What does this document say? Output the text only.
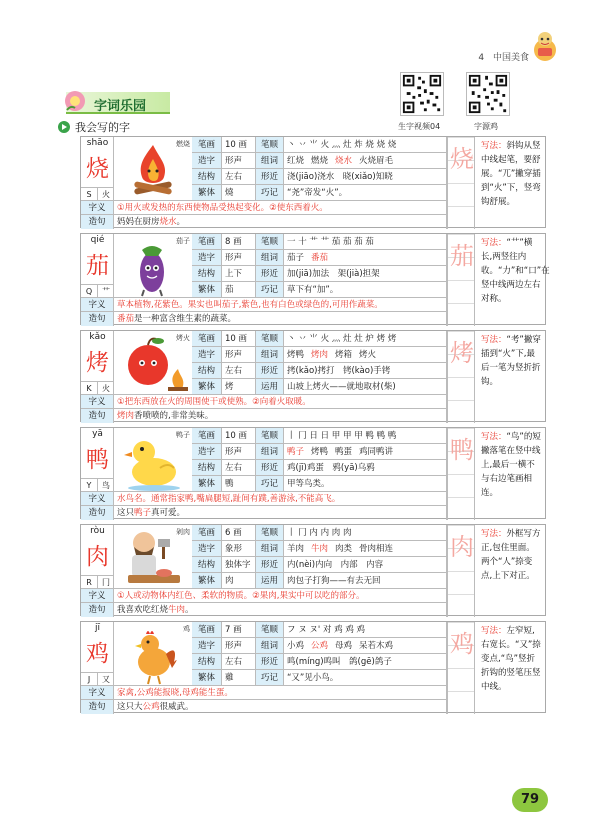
4 中国美食
生字视频04	字源鸡
字词乐园
我会写的字
shāo
烧
S	火
燃烧 笔画	10 画	笔顺	丶 丷 ⺌ 火 灬 灶 炸 烧 烧 烧
造字	形声	组词	红烧 燃烧 烧水 火烧眉毛
结构	左右	形近	浇(jiāo)浇水　晓(xiǎo)知晓
繁体	燒	巧记	“尧”帝发“火”。
字义	①用火或发热的东西使物品受热起变化。②使东西着火。
造句	妈妈在厨房烧水。
烧 写法：斜钩从竖中线起笔，要舒展。“兀”撇穿插到“火”下，竖弯钩舒展。
qié
茄
Q	艹
茄子 笔画	8 画	笔顺	一 十 艹 艹 茄 茄 茄 茄
造字	形声	组词	茄子 番茄
结构	上下	形近	加(jiā)加法　架(jià)担架
繁体	茄	巧记	草下有“加”。
字义	草本植物,花紫色。果实也叫茄子,紫色,也有白色或绿色的,可用作蔬菜。
造句	番茄是一种富含维生素的蔬菜。
茄 写法：“艹”横长,两竖往内收。“力”和“口”在竖中线两边左右对称。
kǎo
烤
K	火
烤火 笔画	10 画	笔顺	丶 丷 ⺌ 火 灬 灶 灶 炉 烤 烤
造字	形声	组词	烤鸭 烤肉 烤箱 烤火
结构	左右	形近	拷(kǎo)拷打　铐(kào)手铐
繁体	烤	运用	山坡上烤火——就地取材(柴)
字义	①把东西放在火的周围使干或使熟。②向着火取暖。
造句	烤肉香喷喷的,非常美味。
烤 写法：“考”撇穿插到“火”下,最后一笔为竖折折钩。
yā
鸭
Y	鸟
鸭子 笔画	10 画	笔顺	丨 冂 日 日 甲 甲 甲 鸭 鸭 鸭
造字	形声	组词	鸭子 烤鸭 鸭蛋 鸡同鸭讲
结构	左右	形近	鸡(jī)鸡蛋　鸦(yā)乌鸦
繁体	鴨	巧记	甲等鸟类。
字义	水鸟名。通常指家鸭,嘴扁腿短,趾间有蹼,善游泳,不能高飞。
造句	这只鸭子真可爱。
鸭 写法：“鸟”的短撇落笔在竖中线上,最后一横不与右边笔画相连。
ròu
肉
R	冂
剁肉 笔画	6 画	笔顺	丨 冂 内 内 肉 肉
造字	象形	组词	羊肉 牛肉 肉类 骨肉相连
结构	独体字	形近	内(nèi)内向　内部　内容
繁体	肉	运用	肉包子打狗——有去无回
字义	①人或动物体内红色、柔软的物质。②果肉,果实中可以吃的部分。
造句	我喜欢吃红烧牛肉。
肉 写法：外框写方正,包住里面。两个“人”捺变点,上下对正。
jī
鸡
J	又
鸡 笔画	7 画	笔顺	フ ヌ ヌ' 对 鸡 鸡 鸡
造字	形声	组词	小鸡 公鸡 母鸡 呆若木鸡
结构	左右	形近	鸣(míng)鸣叫　鸽(gē)鸽子
繁体	雞	巧记	“又”见小鸟。
字义	家禽,公鸡能报晓,母鸡能生蛋。
造句	这只大公鸡很威武。
鸡 写法：左窄短,右宽长。“又”捺变点,“鸟”竖折折钩的竖笔压竖中线。
79
